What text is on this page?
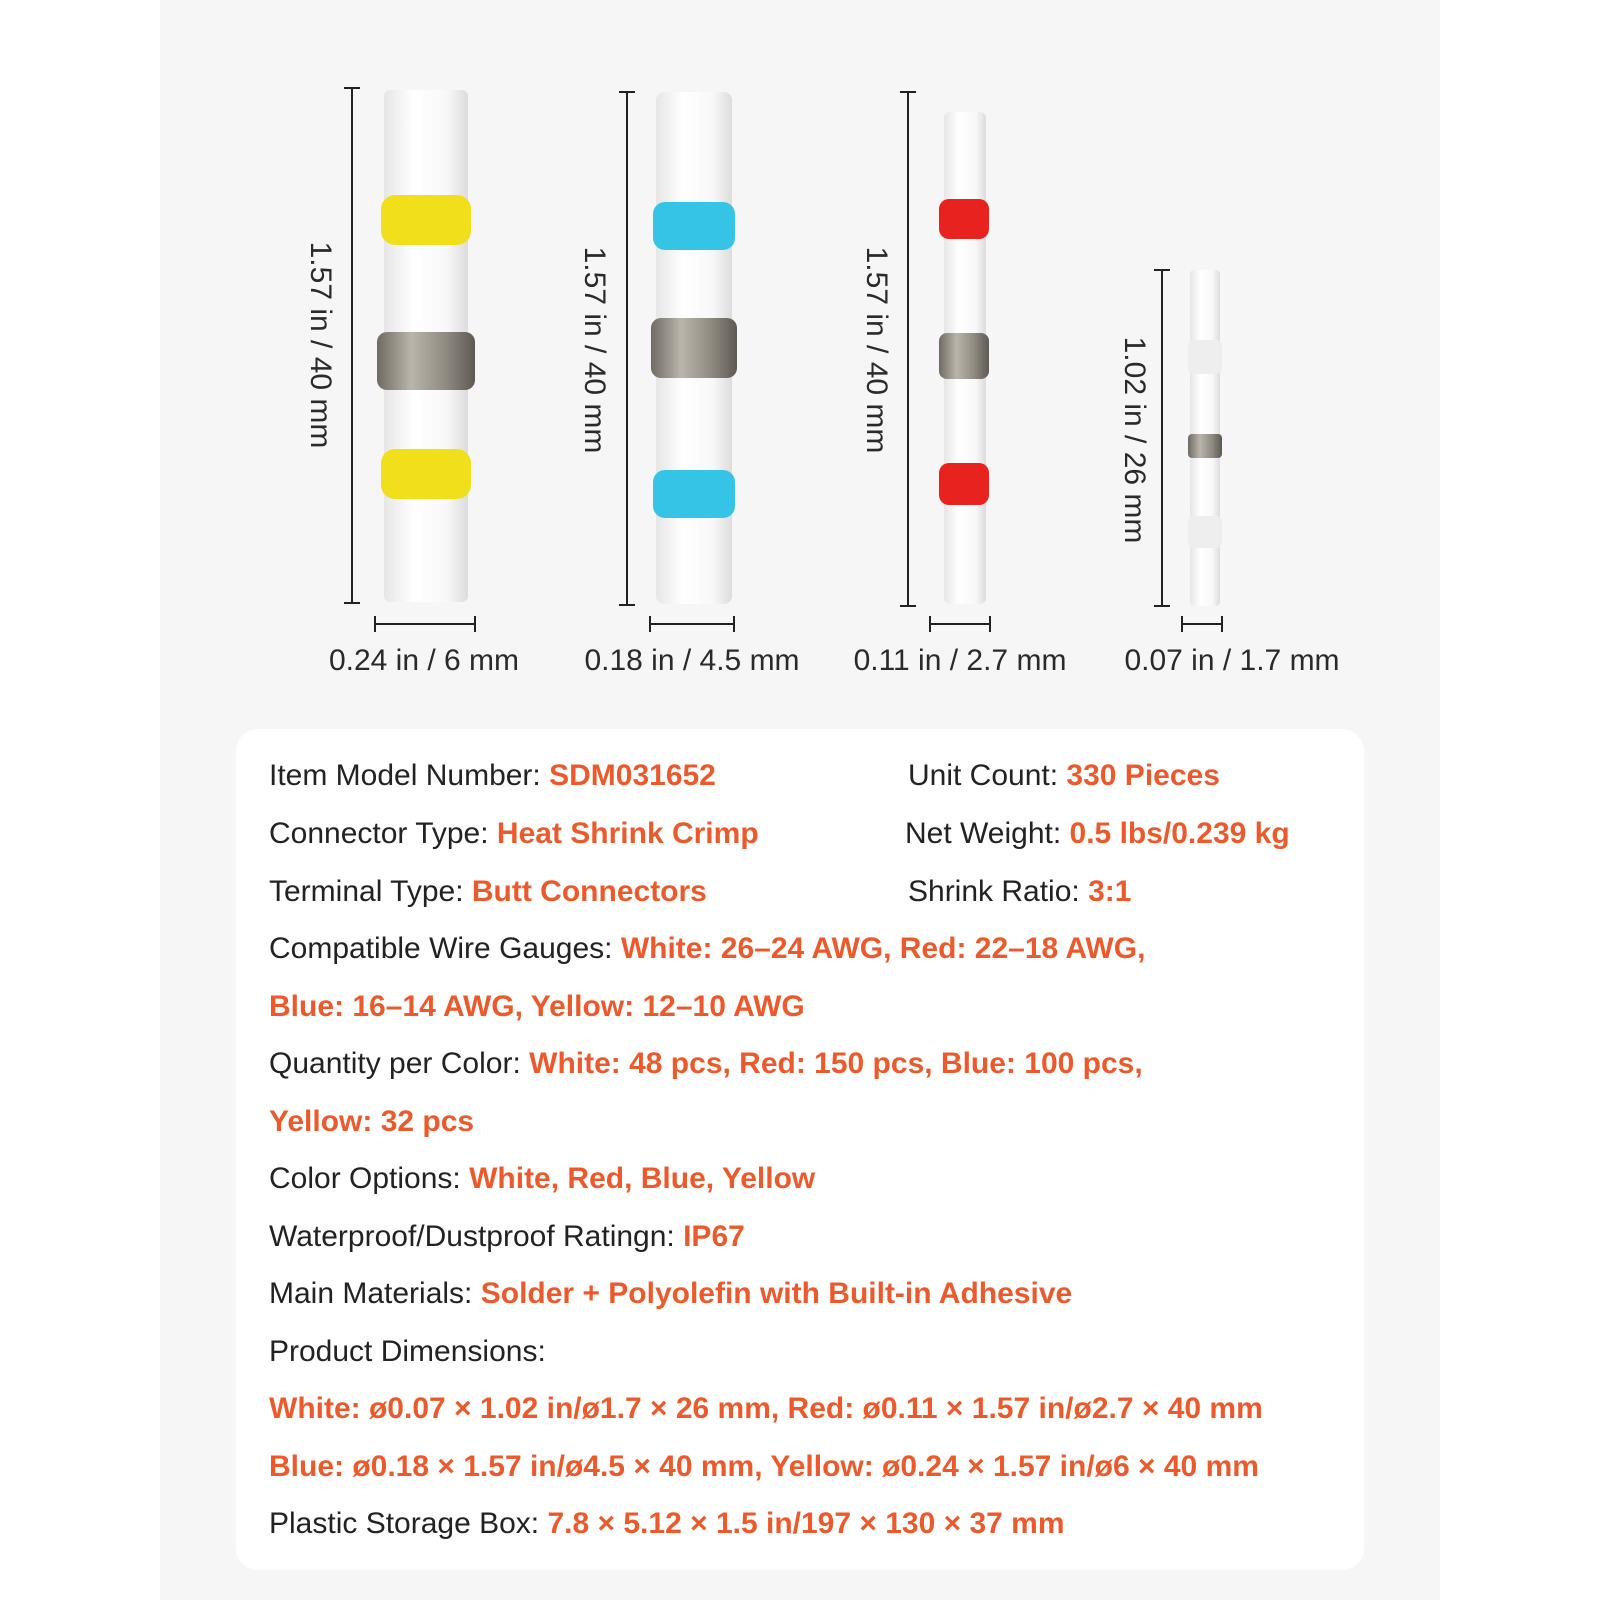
1.57 in / 40 mm	1.57 in / 40 mm	1.57 in / 40 mm	1.02 in / 26 mm
0.24 in / 6 mm 0.18 in / 4.5 mm 0.11 in / 2.7 mm 0.07 in / 1.7 mm
Item Model Number: SDM031652	Unit Count: 330 Pieces
Connector Type: Heat Shrink Crimp	Net Weight: 0.5 lbs/0.239 kg
Terminal Type: Butt Connectors	Shrink Ratio: 3:1
Compatible Wire Gauges: White: 26–24 AWG, Red: 22–18 AWG,
Blue: 16–14 AWG, Yellow: 12–10 AWG
Quantity per Color: White: 48 pcs, Red: 150 pcs, Blue: 100 pcs,
Yellow: 32 pcs
Color Options: White, Red, Blue, Yellow
Waterproof/Dustproof Ratingn: IP67
Main Materials: Solder + Polyolefin with Built-in Adhesive
Product Dimensions:
White: ø0.07 × 1.02 in/ø1.7 × 26 mm, Red: ø0.11 × 1.57 in/ø2.7 × 40 mm
Blue: ø0.18 × 1.57 in/ø4.5 × 40 mm, Yellow: ø0.24 × 1.57 in/ø6 × 40 mm
Plastic Storage Box: 7.8 × 5.12 × 1.5 in/197 × 130 × 37 mm
